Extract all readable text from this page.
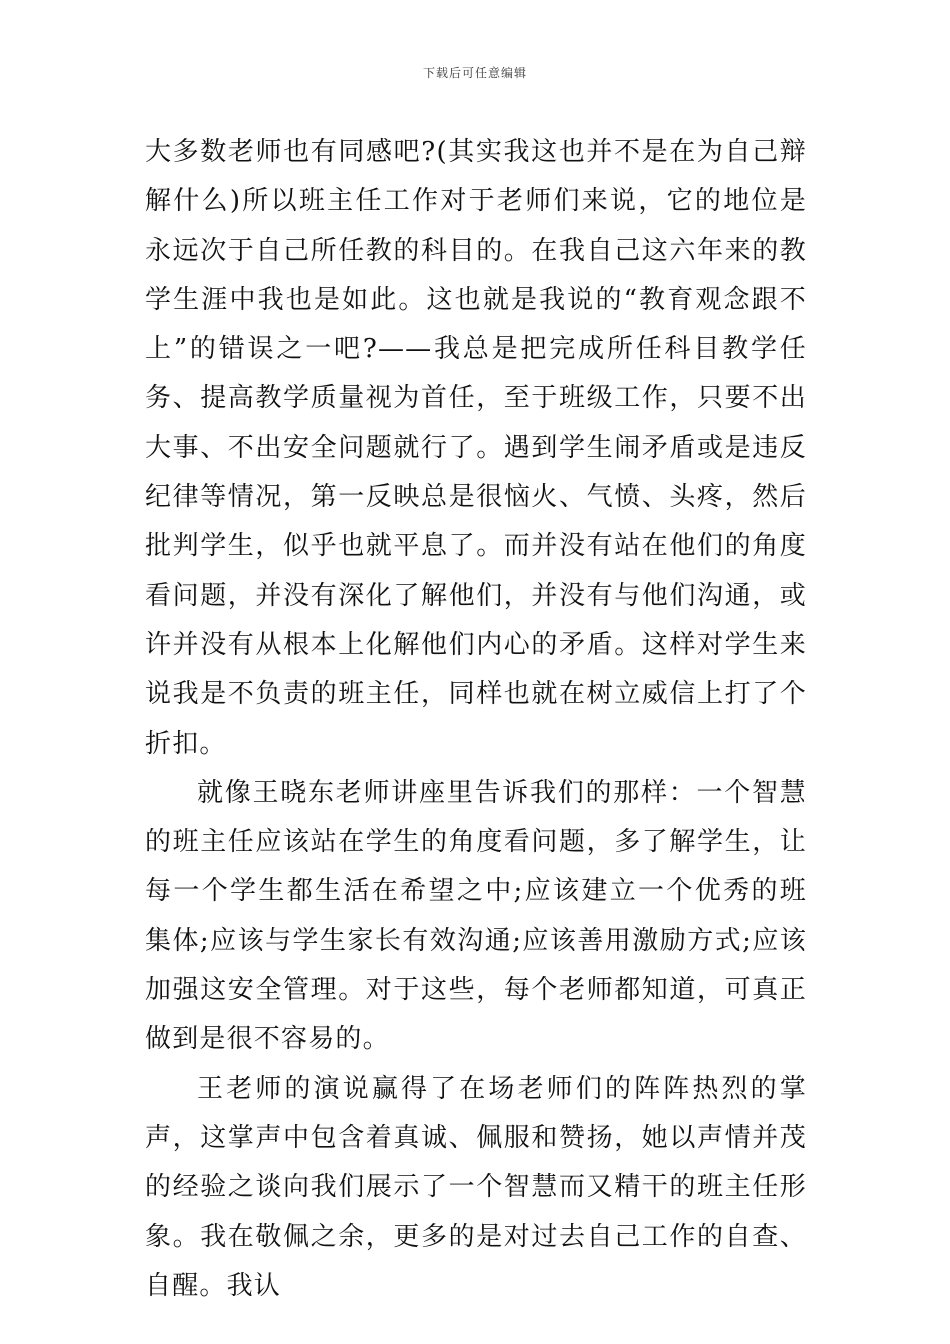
下载后可任意编辑

大多数老师也有同感吧?(其实我这也并不是在为自己辩解什么)所以班主任工作对于老师们来说，它的地位是永远次于自己所任教的科目的。在我自己这六年来的教学生涯中我也是如此。这也就是我说的“教育观念跟不上”的错误之一吧?——我总是把完成所任科目教学任务、提高教学质量视为首任，至于班级工作，只要不出大事、不出安全问题就行了。遇到学生闹矛盾或是违反纪律等情况，第一反映总是很恼火、气愤、头疼，然后批判学生，似乎也就平息了。而并没有站在他们的角度看问题，并没有深化了解他们，并没有与他们沟通，或许并没有从根本上化解他们内心的矛盾。这样对学生来说我是不负责的班主任，同样也就在树立威信上打了个折扣。

就像王晓东老师讲座里告诉我们的那样：一个智慧的班主任应该站在学生的角度看问题，多了解学生，让每一个学生都生活在希望之中;应该建立一个优秀的班集体;应该与学生家长有效沟通;应该善用激励方式;应该加强这安全管理。对于这些，每个老师都知道，可真正做到是很不容易的。

王老师的演说赢得了在场老师们的阵阵热烈的掌声，这掌声中包含着真诚、佩服和赞扬，她以声情并茂的经验之谈向我们展示了一个智慧而又精干的班主任形象。我在敬佩之余，更多的是对过去自己工作的自查、自醒。我认
